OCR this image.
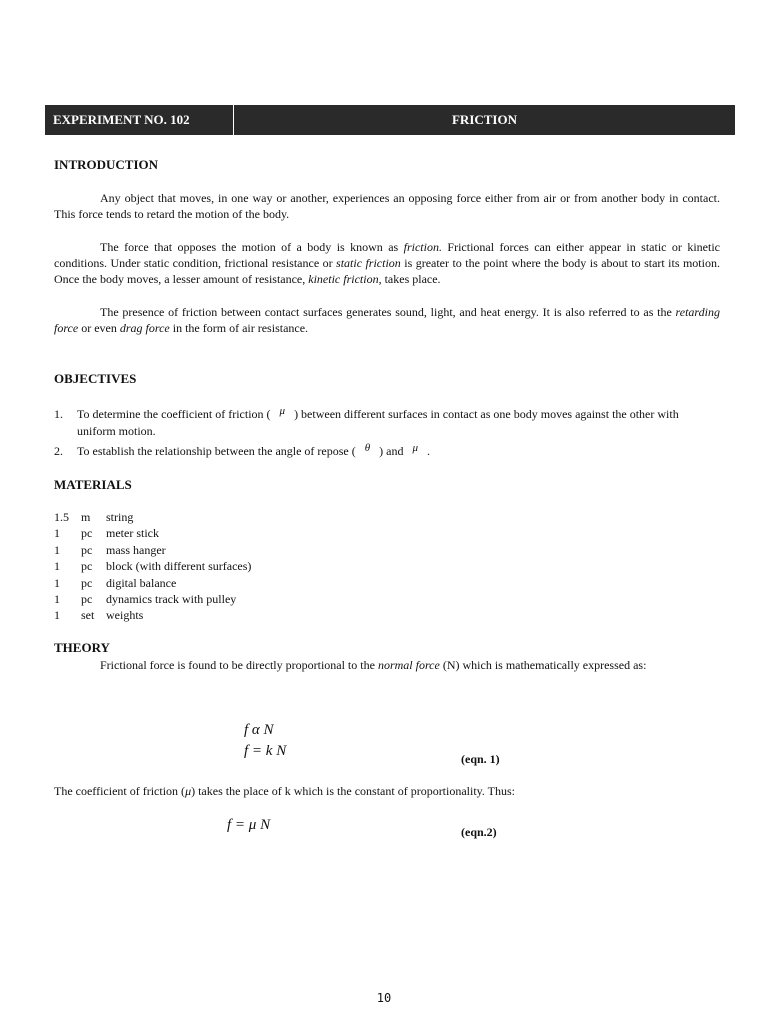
EXPERIMENT NO. 102	FRICTION
INTRODUCTION

Any object that moves, in one way or another, experiences an opposing force either from air or from another body in contact. This force tends to retard the motion of the body.

The force that opposes the motion of a body is known as friction. Frictional forces can either appear in static or kinetic conditions. Under static condition, frictional resistance or static friction is greater to the point where the body is about to start its motion. Once the body moves, a lesser amount of resistance, kinetic friction, takes place.

The presence of friction between contact surfaces generates sound, light, and heat energy. It is also referred to as the retarding force or even drag force in the form of air resistance.

OBJECTIVES
1. To determine the coefficient of friction ( μ ) between different surfaces in contact as one body moves against the other with uniform motion.
2. To establish the relationship between the angle of repose ( θ ) and μ .
MATERIALS
1.5 m string
1 pc meter stick
1 pc mass hanger
1 pc block (with different surfaces)
1 pc digital balance
1 pc dynamics track with pulley
1 set weights
THEORY

Frictional force is found to be directly proportional to the normal force (N) which is mathematically expressed as:

f α N
f = k N	(eqn. 1)

The coefficient of friction (μ) takes the place of k which is the constant of proportionality. Thus:

f = μ N	(eqn.2)
10
